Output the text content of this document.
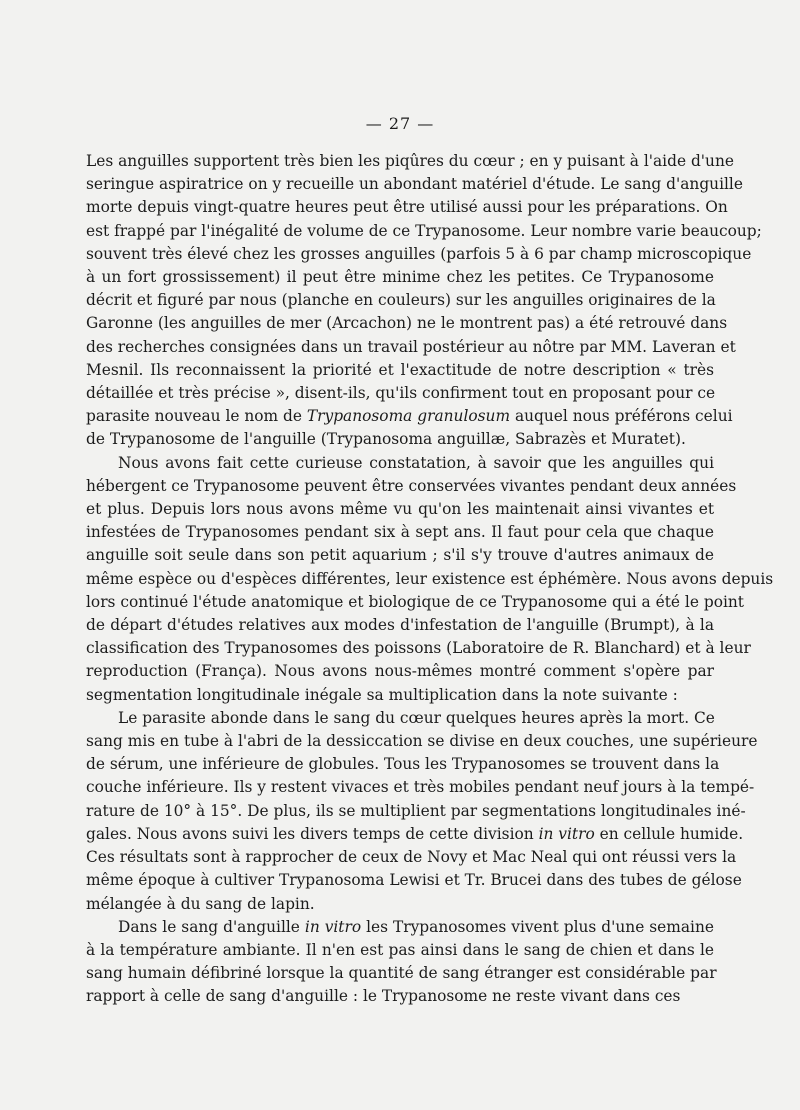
— 27 —
Les anguilles supportent très bien les piqûres du cœur ; en y puisant à l'aide d'une
seringue aspiratrice on y recueille un abondant matériel d'étude. Le sang d'anguille
morte depuis vingt-quatre heures peut être utilisé aussi pour les préparations. On
est frappé par l'inégalité de volume de ce Trypanosome. Leur nombre varie beaucoup;
souvent très élevé chez les grosses anguilles (parfois 5 à 6 par champ microscopique
à un fort grossissement) il peut être minime chez les petites. Ce Trypanosome
décrit et figuré par nous (planche en couleurs) sur les anguilles originaires de la
Garonne (les anguilles de mer (Arcachon) ne le montrent pas) a été retrouvé dans
des recherches consignées dans un travail postérieur au nôtre par MM. Laveran et
Mesnil. Ils reconnaissent la priorité et l'exactitude de notre description « très
détaillée et très précise », disent-ils, qu'ils confirment tout en proposant pour ce
parasite nouveau le nom de Trypanosoma granulosum auquel nous préférons celui
de Trypanosome de l'anguille (Trypanosoma anguillæ, Sabrazès et Muratet).
Nous avons fait cette curieuse constatation, à savoir que les anguilles qui
hébergent ce Trypanosome peuvent être conservées vivantes pendant deux années
et plus. Depuis lors nous avons même vu qu'on les maintenait ainsi vivantes et
infestées de Trypanosomes pendant six à sept ans. Il faut pour cela que chaque
anguille soit seule dans son petit aquarium ; s'il s'y trouve d'autres animaux de
même espèce ou d'espèces différentes, leur existence est éphémère. Nous avons depuis
lors continué l'étude anatomique et biologique de ce Trypanosome qui a été le point
de départ d'études relatives aux modes d'infestation de l'anguille (Brumpt), à la
classification des Trypanosomes des poissons (Laboratoire de R. Blanchard) et à leur
reproduction (França). Nous avons nous-mêmes montré comment s'opère par
segmentation longitudinale inégale sa multiplication dans la note suivante :
Le parasite abonde dans le sang du cœur quelques heures après la mort. Ce
sang mis en tube à l'abri de la dessiccation se divise en deux couches, une supérieure
de sérum, une inférieure de globules. Tous les Trypanosomes se trouvent dans la
couche inférieure. Ils y restent vivaces et très mobiles pendant neuf jours à la tempé-
rature de 10° à 15°. De plus, ils se multiplient par segmentations longitudinales iné-
gales. Nous avons suivi les divers temps de cette division in vitro en cellule humide.
Ces résultats sont à rapprocher de ceux de Novy et Mac Neal qui ont réussi vers la
même époque à cultiver Trypanosoma Lewisi et Tr. Brucei dans des tubes de gélose
mélangée à du sang de lapin.
Dans le sang d'anguille in vitro les Trypanosomes vivent plus d'une semaine
à la température ambiante. Il n'en est pas ainsi dans le sang de chien et dans le
sang humain défibriné lorsque la quantité de sang étranger est considérable par
rapport à celle de sang d'anguille : le Trypanosome ne reste vivant dans ces
